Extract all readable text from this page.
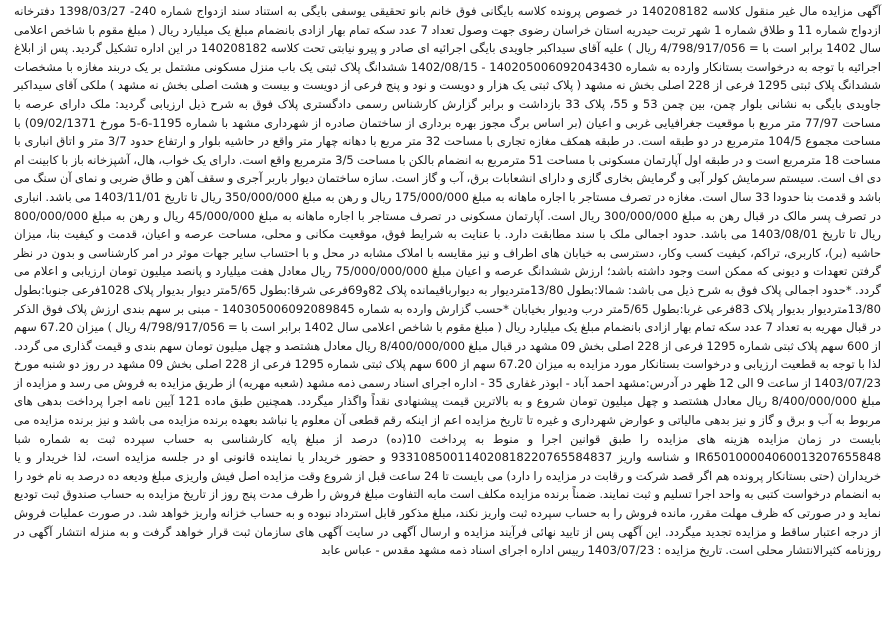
آگهی مزایده مال غیر منقول کلاسه 140208182 در خصوص پرونده کلاسه بایگانی فوق خانم بانو تحقیقی یوسفی بایگی به استناد سند ازدواج شماره 240- 1398/03/27 دفترخانه ازدواج شماره 11 و طلاق شماره 1 شهر تربت حیدریه استان خراسان رضوی جهت وصول تعداد 7 عدد سکه تمام بهار ازادی بانضمام مبلغ یک میلیارد ریال ( مبلغ مقوم با شاخص اعلامی سال 1402 برابر است با = 4/798/917/056 ریال ) علیه آقای سیداکبر جاویدی بایگی اجرائیه ای صادر و پیرو نیابتی تحت کلاسه 140208182 در این اداره تشکیل گردید. پس از ابلاغ اجرائیه با توجه به درخواست بستانکار وارده به شماره 140205006092043430 - 1402/08/15 ششدانگ پلاک ثبتی یک باب منزل مسکونی مشتمل بر یک دربند مغازه با مشخصات ششدانگ پلاک ثبتی 1295 فرعی از 228 اصلی بخش نه مشهد ( پلاک ثبتی یک هزار و دویست و نود و پنج فرعی از دویست و بیست و هشت اصلی بخش نه مشهد ) ملکی آقای سیداکبر جاویدی بایگی به نشانی بلوار چمن، بین چمن 53 و 55، پلاک 33 بازداشت و برابر گزارش کارشناس رسمی دادگستری پلاک فوق به شرح ذیل ارزیابی گردید: ملک دارای عرصه با مساحت 77/97 متر مربع با موقعیت جغرافیایی غربی و اعیان (بر اساس برگ مجوز بهره برداری از ساختمان صادره از شهرداری مشهد با شماره 1195-6-5 مورخ 09/02/1371) با مساحت مجموع 104/5 مترمربع در دو طبقه است. در طبقه همکف مغازه تجاری با مساحت 32 متر مربع با دهانه چهار متر واقع در حاشیه بلوار و ارتفاع حدود 3/7 متر و اتاق انباری با مساحت 18 مترمربع است و در طبقه اول آپارتمان مسکونی با مساحت 51 مترمربع به انضمام بالکن با مساحت 3/5 مترمربع واقع است. دارای یک خواب، هال، آشپزخانه باز با کابینت ام دی اف است. سیستم سرمایش کولر آبی و گرمایش بخاری گازی و دارای انشعابات برق، آب و گاز است. سازه ساختمان دیوار باربر آجری و سقف آهن و طاق ضربی و نمای آن سنگ می باشد و قدمت بنا حدودا 33 سال است. مغازه در تصرف مستاجر با اجاره ماهانه به مبلغ 175/000/000 ریال و رهن به مبلغ 350/000/000 ریال تا تاریخ 1403/11/01 می باشد. انباری در تصرف پسر مالک در قبال رهن به مبلغ 300/000/000 ریال است. آپارتمان مسکونی در تصرف مستاجر با اجاره ماهانه به مبلغ 45/000/000 ریال و رهن به مبلغ 800/000/000 ریال تا تاریخ 1403/08/01 می باشد. حدود اجمالی ملک با سند مطابقت دارد. با عنایت به شرایط فوق، موقعیت مکانی و محلی، مساحت عرصه و اعیان، قدمت و کیفیت بنا، میزان حاشیه (بر)، کاربری، تراکم، کیفیت کسب وکار، دسترسی به خیابان های اطراف و نیز مقایسه با املاک مشابه در محل و با احتساب سایر جهات موثر در امر کارشناسی و بدون در نظر گرفتن تعهدات و دیونی که ممکن است وجود داشته باشد؛ ارزش ششدانگ عرصه و اعیان مبلغ 75/000/000/000 ریال معادل هفت میلیارد و پانصد میلیون تومان ارزیابی و اعلام می گردد. *حدود اجمالی پلاک فوق به شرح ذیل می باشد: شمالا:بطول 13/80متردیوار به دیوارباقیمانده پلاک 82و69فرعی شرقا:بطول 5/65متر دیوار بدیوار پلاک 1028فرعی جنوبا:بطول 13/80متردیوار بدیوار پلاک 83فرعی غربا:بطول 5/65متر درب ودیوار بخیابان *حسب گزارش وارده به شماره 140305006092089845 - مبنی بر سهم بندی ارزش پلاک فوق الذکر در قبال مهریه به تعداد 7 عدد سکه تمام بهار ازادی بانضمام مبلغ یک میلیارد ریال ( مبلغ مقوم با شاخص اعلامی سال 1402 برابر است با = 4/798/917/056 ریال ) میزان 67.20 سهم از 600 سهم پلاک ثبتی شماره 1295 فرعی از 228 اصلی بخش 09 مشهد در قبال مبلغ 8/400/000/000 ریال معادل هشتصد و چهل میلیون تومان سهم بندی و قیمت گذاری می گردد. لذا با توجه به قطعیت ارزیابی و درخواست بستانکار مورد مزایده به میزان 67.20 سهم از 600 سهم پلاک ثبتی شماره 1295 فرعی از 228 اصلی بخش 09 مشهد در روز دو شنبه مورخ 1403/07/23 از ساعت 9 الی 12 ظهر در آدرس:مشهد احمد آباد - ابوذر غفاری 35 - اداره اجرای اسناد رسمی ذمه مشهد (شعبه مهریه) از طریق مزایده به فروش می رسد و مزایده از مبلغ 8/400/000/000 ریال معادل هشتصد و چهل میلیون تومان شروع و به بالاترین قیمت پیشنهادی نقداً واگذار میگردد. همچنین طبق ماده 121 آیین نامه اجرا پرداخت بدهی های مربوط به آب و برق و گاز و نیز بدهی مالیاتی و عوارض شهرداری و غیره تا تاریخ مزایده اعم از اینکه رقم قطعی آن معلوم یا نباشد بعهده برنده مزایده می باشد و نیز برنده مزایده می بایست در زمان مزایده هزینه های مزایده را طبق قوانین اجرا و منوط به پرداخت 10(ده) درصد از مبلغ پایه کارشناسی به حساب سپرده ثبت به شماره شبا IR650100004060013207655848 و شناسه واریز 933108500114020818220765584837 و حضور خریدار یا نماینده قانونی او در جلسه مزایده است، لذا خریدار و یا خریداران (حتی بستانکار پرونده هم اگر قصد شرکت و رقابت در مزایده را دارد) می بایست تا 24 ساعت قبل از شروع وقت مزایده اصل فیش واریزی مبلغ ودیعه ده درصد به نام خود را به انضمام درخواست کتبی به واحد اجرا تسلیم و ثبت نمایند. ضمناً برنده مزایده مکلف است مابه التفاوت مبلغ فروش را ظرف مدت پنج روز از تاریخ مزایده به حساب صندوق ثبت تودیع نماید و در صورتی که ظرف مهلت مقرر، مانده فروش را به حساب سپرده ثبت واریز نکند، مبلغ مذکور قابل استرداد نبوده و به حساب خزانه واریز خواهد شد. در صورت عملیات فروش از درجه اعتبار ساقط و مزایده تجدید میگردد. این آگهی پس از تایید نهائی فرآیند مزایده و ارسال آگهی در سایت آگهی های سازمان ثبت قرار خواهد گرفت و به منزله انتشار آگهی در روزنامه کثیرالانتشار محلی است. تاریخ مزایده : 1403/07/23 رییس اداره اجرای اسناد ذمه مشهد مقدس - عباس عابد
